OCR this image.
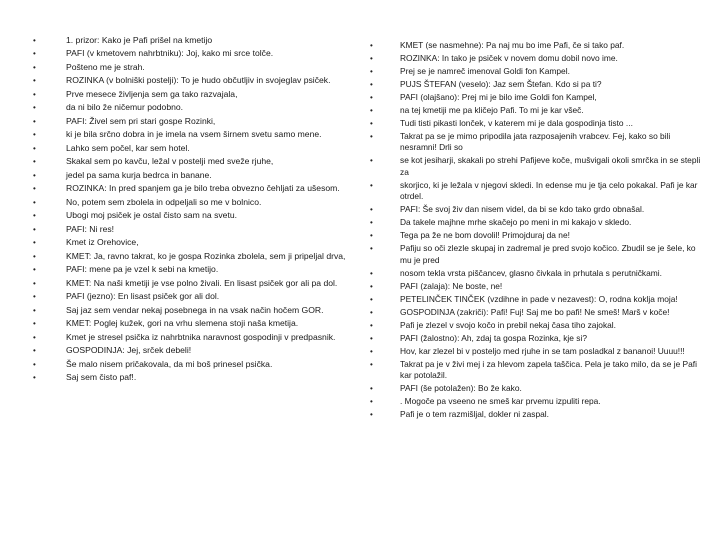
•	1. prizor: Kako je Pafi prišel na kmetijo
•	PAFI (v kmetovem nahrbtniku): Joj, kako mi srce tolče.
•	Pošteno me je strah.
•	ROZINKA (v bolniški postelji): To je hudo občutljiv in svojeglav psiček.
•	Prve mesece življenja sem ga tako razvajala,
•	da ni bilo že ničemur podobno.
•	PAFI: Živel sem pri stari gospe Rozinki,
•	ki je bila srčno dobra in je imela na vsem širnem svetu samo mene.
•	Lahko sem počel, kar sem hotel.
•	Skakal sem po kavču, ležal v postelji med sveže rjuhe,
•	jedel pa sama kurja bedrca in banane.
•	ROZINKA: In pred spanjem ga je bilo treba obvezno čehljati za ušesom.
•	No, potem sem zbolela in odpeljali so me v bolnico.
•	Ubogi moj psiček je ostal čisto sam na svetu.
•	PAFI: Ni res!
•	Kmet iz Orehovice,
•	KMET: Ja, ravno takrat, ko je gospa Rozinka zbolela, sem ji pripeljal drva,
•	PAFI: mene pa je vzel k sebi na kmetijo.
•	KMET: Na naši kmetiji je vse polno živali. En lisast psiček gor ali pa dol.
•	PAFI (jezno): En lisast psiček gor ali dol.
•	Saj jaz sem vendar nekaj posebnega in na vsak način hočem GOR.
•	KMET: Poglej kužek, gori na vrhu slemena stoji naša kmetija.
•	Kmet je stresel psička iz nahrbtnika naravnost gospodinji v predpasnik.
•	GOSPODINJA: Jej, srček debeli!
•	Še malo nisem pričakovala, da mi boš prinesel psička.
•	Saj sem čisto paf!.
•	KMET (se nasmehne): Pa naj mu bo ime Pafi, če si tako paf.
•	ROZINKA: In tako je psiček v novem domu dobil novo ime.
•	Prej se je namreč imenoval Goldi fon Kampel.
•	PUJS ŠTEFAN (veselo): Jaz sem Štefan. Kdo si pa ti?
•	PAFI (olajšano): Prej mi je bilo ime Goldi fon Kampel,
•	na tej kmetiji me pa kličejo Pafi. To mi je kar všeč.
•	Tudi tisti pikasti lonček, v katerem mi je dala gospodinja tisto ...
•	Takrat pa se je mimo pripodila jata razposajenih vrabcev. Fej, kako so bili nesramni! Drli so
•	se kot jesiharji, skakali po strehi Pafijeve koče, mušvigali okoli smrčka in se stepli za
•	skorjico, ki je ležala v njegovi skledi. In edense mu je tja celo pokakal. Pafi je kar otrdel.
•	PAFI: Še svoj živ dan nisem videl, da bi se kdo tako grdo obnašal.
•	Da takele majhne mrhe skačejo po meni in mi kakajo v skledo.
•	Tega pa že ne bom dovolil! Primojduraj da ne!
•	Pafiju so oči zlezle skupaj in zadremal je pred svojo kočico. Zbudil se je šele, ko mu je pred
•	nosom tekla vrsta piščancev, glasno čivkala in prhutala s perutničkami.
•	PAFI (zalaja): Ne boste, ne!
•	PETELINČEK TINČEK (vzdihne in pade v nezavest): O, rodna koklja moja!
•	GOSPODINJA (zakriči): Pafi! Fuj! Saj me bo pafi! Ne smeš! Marš v koče!
•	Pafi je zlezel v svojo kočo in prebil nekaj časa tiho zajokal.
•	PAFI (žalostno): Ah, zdaj ta gospa Rozinka, kje si?
•	Hov, kar zlezel bi v posteljo med rjuhe in se tam posladkal z bananoi! Uuuu!!!
•	Takrat pa je v živi mej i za hlevom zapela taščica. Pela je tako milo, da se je Pafi kar potolažil.
•	PAFI (še potolažen): Bo že kako.
•	. Mogoče pa vseeno ne smeš kar prvemu izpuliti repa.
•	Pafi je o tem razmišljal, dokler ni zaspal.
